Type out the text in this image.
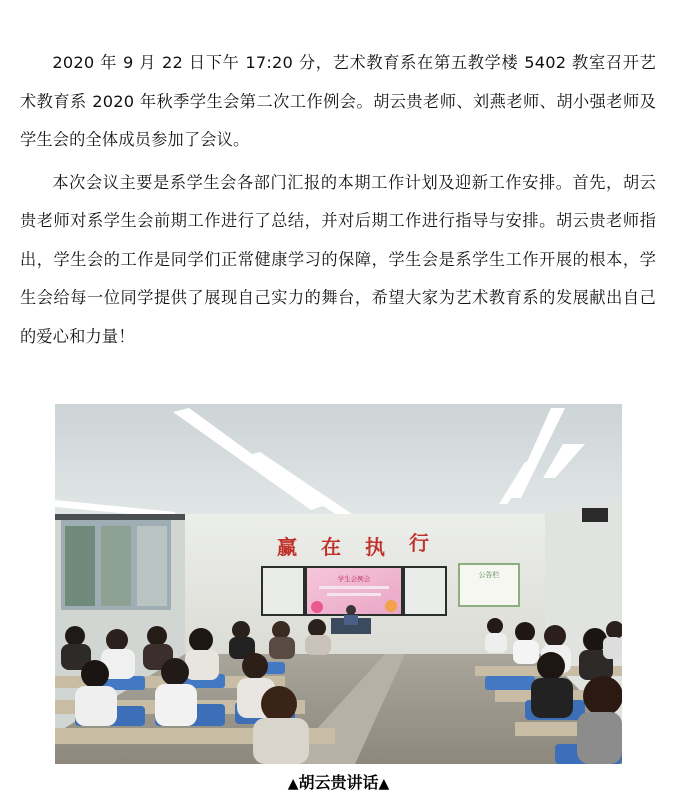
2020 年 9 月 22 日下午 17:20 分，艺术教育系在第五教学楼 5402 教室召开艺术教育系 2020 年秋季学生会第二次工作例会。胡云贵老师、刘燕老师、胡小强老师及学生会的全体成员参加了会议。

本次会议主要是系学生会各部门汇报的本期工作计划及迎新工作安排。首先，胡云贵老师对系学生会前期工作进行了总结，并对后期工作进行指导与安排。胡云贵老师指出，学生会的工作是同学们正常健康学习的保障，学生会是系学生工作开展的根本，学生会给每一位同学提供了展现自己实力的舞台，希望大家为艺术教育系的发展献出自己的爱心和力量！

赢 在 执 行
公告栏
学生会例会
▲胡云贵讲话▲
